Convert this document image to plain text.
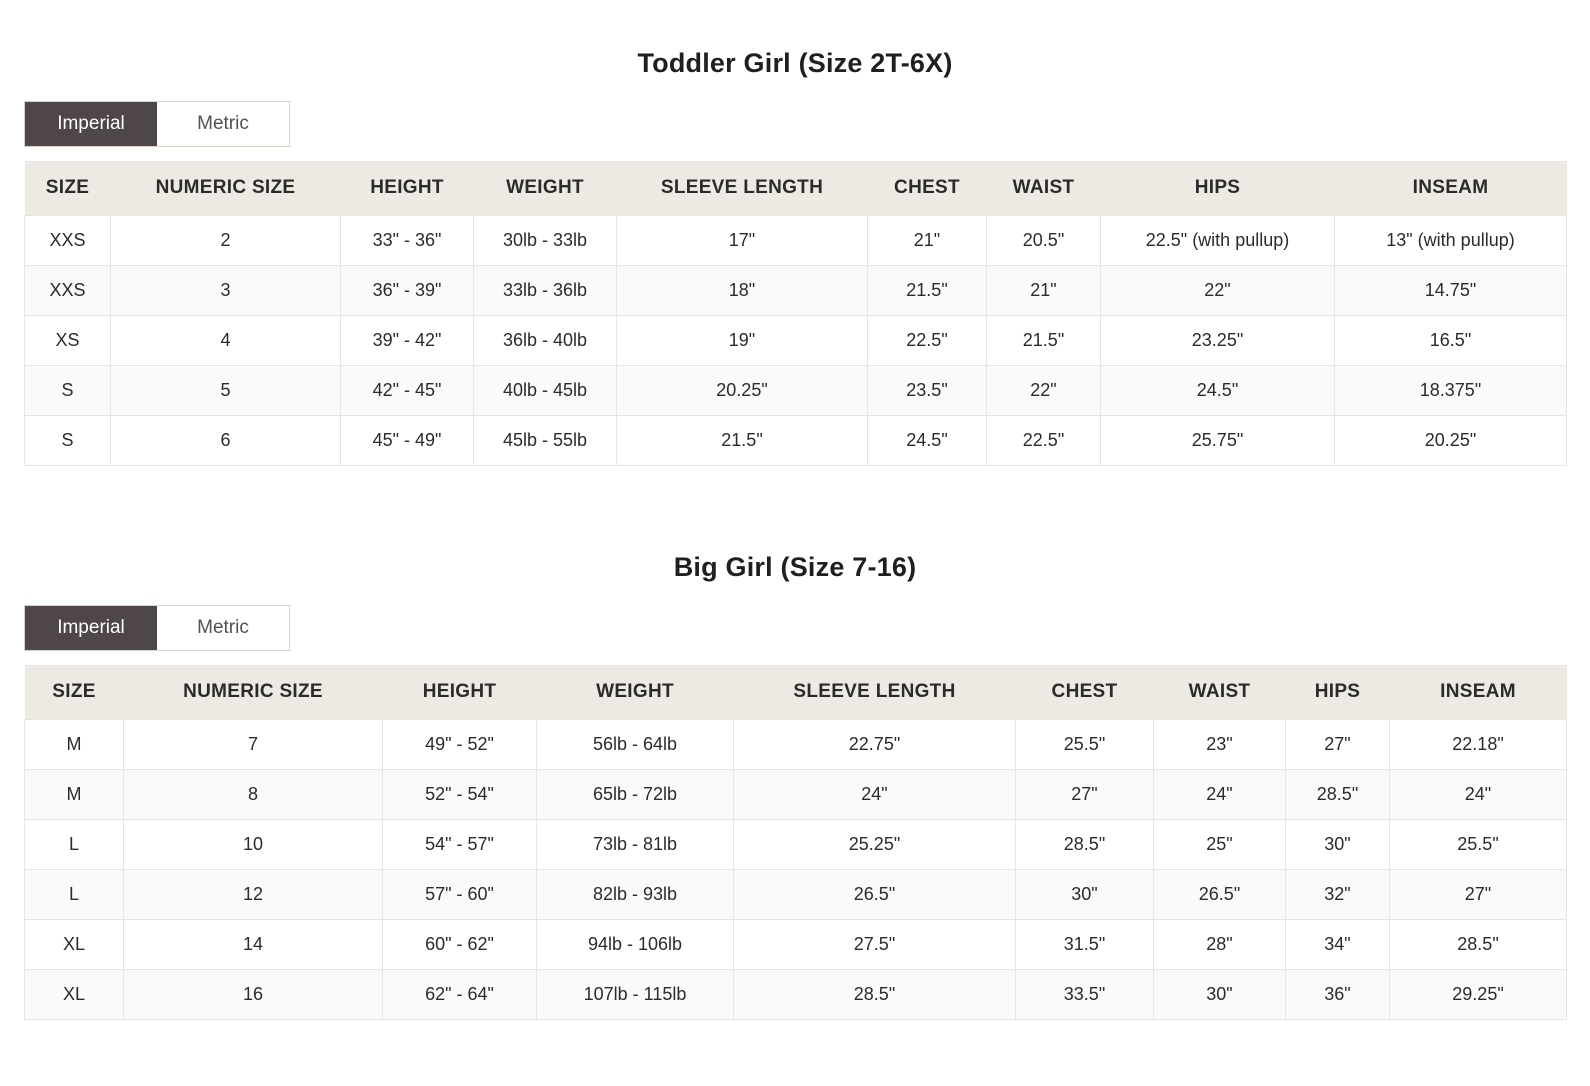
Toddler Girl (Size 2T-6X)
Imperial	Metric
SIZE	NUMERIC SIZE	HEIGHT	WEIGHT	SLEEVE LENGTH	CHEST	WAIST	HIPS	INSEAM
XXS	2	33" - 36"	30lb - 33lb	17"	21"	20.5"	22.5" (with pullup)	13" (with pullup)
XXS	3	36" - 39"	33lb - 36lb	18"	21.5"	21"	22"	14.75"
XS	4	39" - 42"	36lb - 40lb	19"	22.5"	21.5"	23.25"	16.5"
S	5	42" - 45"	40lb - 45lb	20.25"	23.5"	22"	24.5"	18.375"
S	6	45" - 49"	45lb - 55lb	21.5"	24.5"	22.5"	25.75"	20.25"
Big Girl (Size 7-16)
Imperial	Metric
SIZE	NUMERIC SIZE	HEIGHT	WEIGHT	SLEEVE LENGTH	CHEST	WAIST	HIPS	INSEAM
M	7	49" - 52"	56lb - 64lb	22.75"	25.5"	23"	27"	22.18"
M	8	52" - 54"	65lb - 72lb	24"	27"	24"	28.5"	24"
L	10	54" - 57"	73lb - 81lb	25.25"	28.5"	25"	30"	25.5"
L	12	57" - 60"	82lb - 93lb	26.5"	30"	26.5"	32"	27"
XL	14	60" - 62"	94lb - 106lb	27.5"	31.5"	28"	34"	28.5"
XL	16	62" - 64"	107lb - 115lb	28.5"	33.5"	30"	36"	29.25"
